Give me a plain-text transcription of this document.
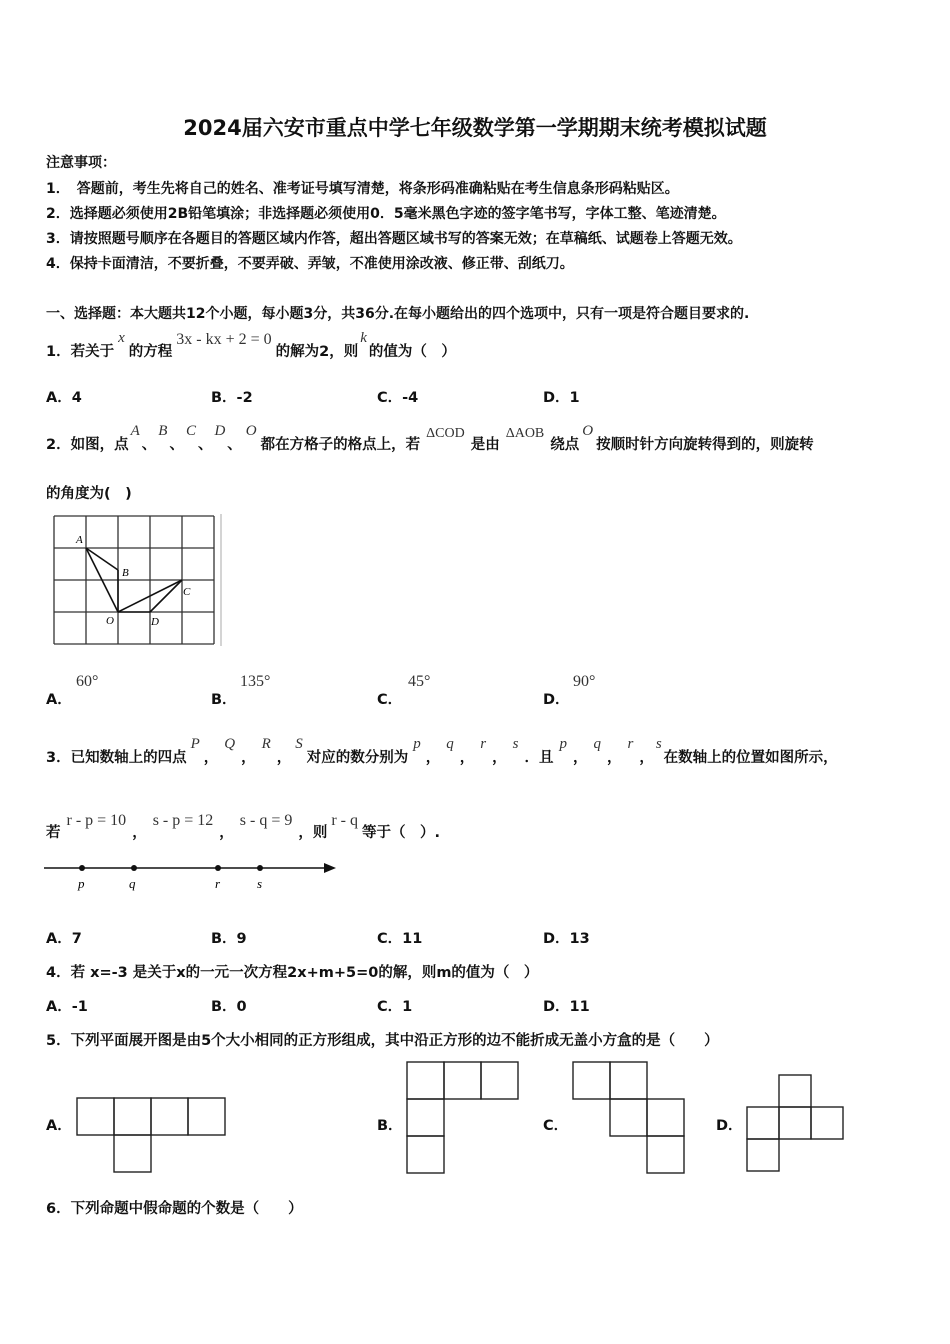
2024届六安市重点中学七年级数学第一学期期末统考模拟试题
注意事项：
1．　答题前，考生先将自己的姓名、准考证号填写清楚，将条形码准确粘贴在考生信息条形码粘贴区。
2．选择题必须使用2B铅笔填涂；非选择题必须使用0．5毫米黑色字迹的签字笔书写，字体工整、笔迹清楚。
3．请按照题号顺序在各题目的答题区域内作答，超出答题区域书写的答案无效；在草稿纸、试题卷上答题无效。
4．保持卡面清洁，不要折叠，不要弄破、弄皱，不准使用涂改液、修正带、刮纸刀。
一、选择题：本大题共12个小题，每小题3分，共36分.在每小题给出的四个选项中，只有一项是符合题目要求的.
1．若关于x的方程3x - kx + 2 = 0的解为2，则k的值为（　）
A．4	B．-2	C．-4	D．1
2．如图，点A、B、C、D、O都在方格子的格点上，若ΔCOD是由ΔAOB绕点O按顺时针方向旋转得到的，则旋转
的角度为(　)
A
B
C
O	D
A．
60°
B．
135°
C．
45°
D．
90°
3．已知数轴上的四点P，Q，R，S对应的数分别为p，q，r，s．且p，q，r，s在数轴上的位置如图所示，
若r - p = 10，s - p = 12，s - q = 9，则r - q等于（　）.
p	q	r	s
A．7	B．9	C．11	D．13
4．若 x=-3 是关于x的一元一次方程2x+m+5=0的解，则m的值为（　）
A．-1	B．0	C．1	D．11
5．下列平面展开图是由5个大小相同的正方形组成，其中沿正方形的边不能折成无盖小方盒的是（　　）
A．	B．	C．	D．
6．下列命题中假命题的个数是（　　）
